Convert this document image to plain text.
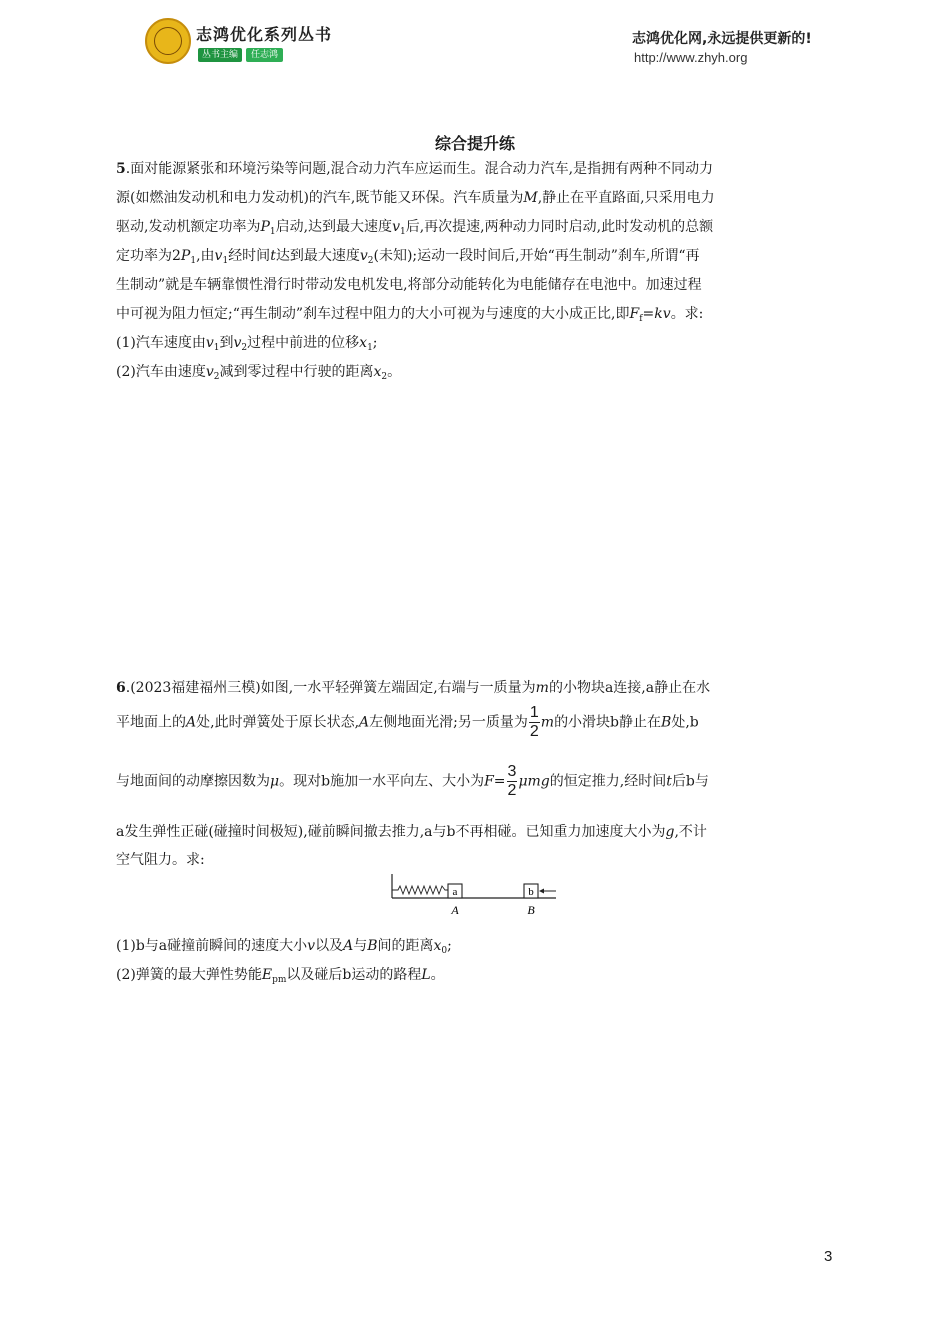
志鸿优化系列丛书
丛书主编	任志鸿
志鸿优化网,永远提供更新的!
http://www.zhyh.org
综合提升练
5.面对能源紧张和环境污染等问题,混合动力汽车应运而生。混合动力汽车,是指拥有两种不同动力
源(如燃油发动机和电力发动机)的汽车,既节能又环保。汽车质量为M,静止在平直路面,只采用电力
驱动,发动机额定功率为$P_1$启动,达到最大速度$v_1$后,再次提速,两种动力同时启动,此时发动机的总额
定功率为$2P_1$,由$v_1$经时间t达到最大速度$v_2$(未知);运动一段时间后,开始“再生制动”刹车,所谓“再
生制动”就是车辆靠惯性滑行时带动发电机发电,将部分动能转化为电能储存在电池中。加速过程
中可视为阻力恒定;“再生制动”刹车过程中阻力的大小可视为与速度的大小成正比,即$F_f=kv$。求:
(1)汽车速度由$v_1$到$v_2$过程中前进的位移$x_1$;
(2)汽车由速度$v_2$减到零过程中行驶的距离$x_2$。
6.(2023福建福州三模)如图,一水平轻弹簧左端固定,右端与一质量为m的小物块a连接,a静止在水
平地面上的A处,此时弹簧处于原长状态,A左侧地面光滑;另一质量为 $\frac{1}{2}$ m的小滑块b静止在B处,b
与地面间的动摩擦因数为μ。现对b施加一水平向左、大小为$F= \frac{3}{2}$ μmg的恒定推力,经时间t后b与
a发生弹性正碰(碰撞时间极短),碰前瞬间撤去推力,a与b不再相碰。已知重力加速度大小为g,不计
空气阻力。求:
a	b
A	B
(1)b与a碰撞前瞬间的速度大小v以及A与B间的距离$x_0$;
(2)弹簧的最大弹性势能$E_{pm}$以及碰后b运动的路程L。
3
